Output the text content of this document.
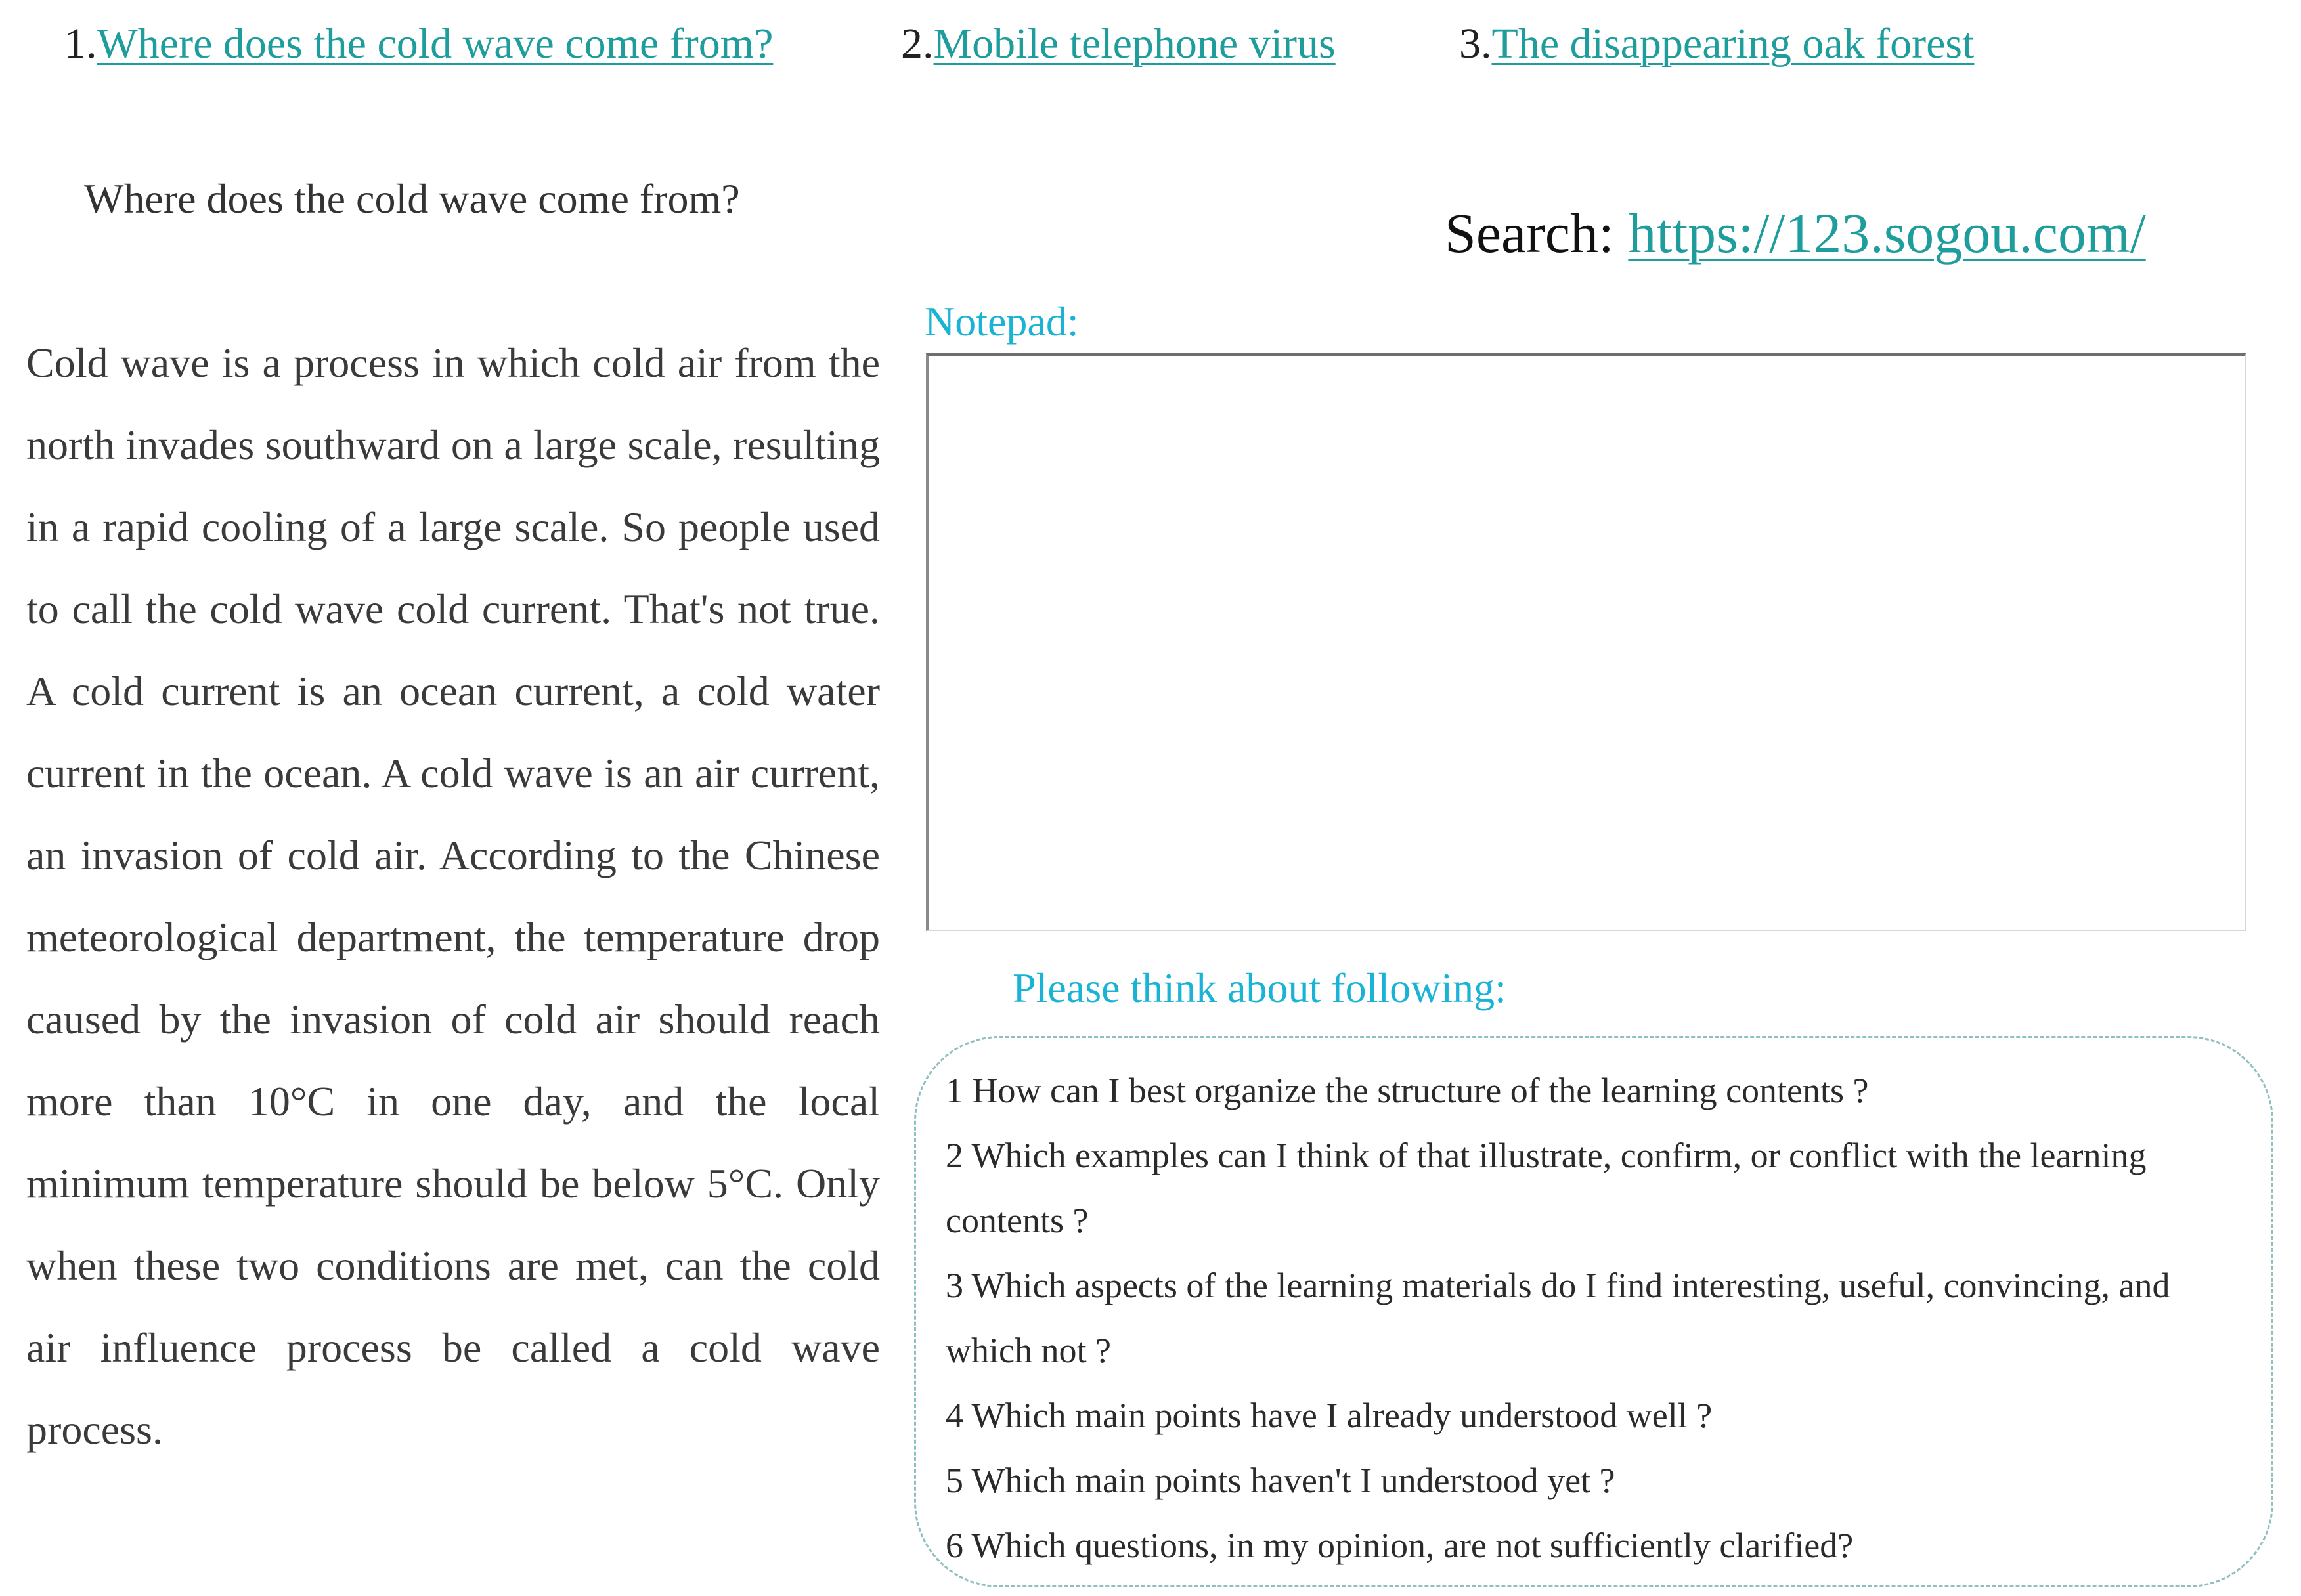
1.Where does the cold wave come from?	2.Mobile telephone virus	3.The disappearing oak forest
Where does the cold wave come from?

Cold wave is a process in which cold air from the north invades southward on a large scale, resulting in a rapid cooling of a large scale. So people used to call the cold wave cold current. That's not true. A cold current is an ocean current, a cold water current in the ocean. A cold wave is an air current, an invasion of cold air. According to the Chinese meteorological department, the temperature drop caused by the invasion of cold air should reach more than 10°C in one day, and the local minimum temperature should be below 5°C. Only when these two conditions are met, can the cold air influence process be called a cold wave process.

Search: https://123.sogou.com/
Notepad:
Please think about following:
1 How can I best organize the structure of the learning contents ?
2 Which examples can I think of that illustrate, confirm, or conflict with the learning contents ?
3 Which aspects of the learning materials do I find interesting, useful, convincing, and which not ?
4 Which main points have I already understood well ?
5 Which main points haven't I understood yet ?
6 Which questions, in my opinion, are not sufficiently clarified?
